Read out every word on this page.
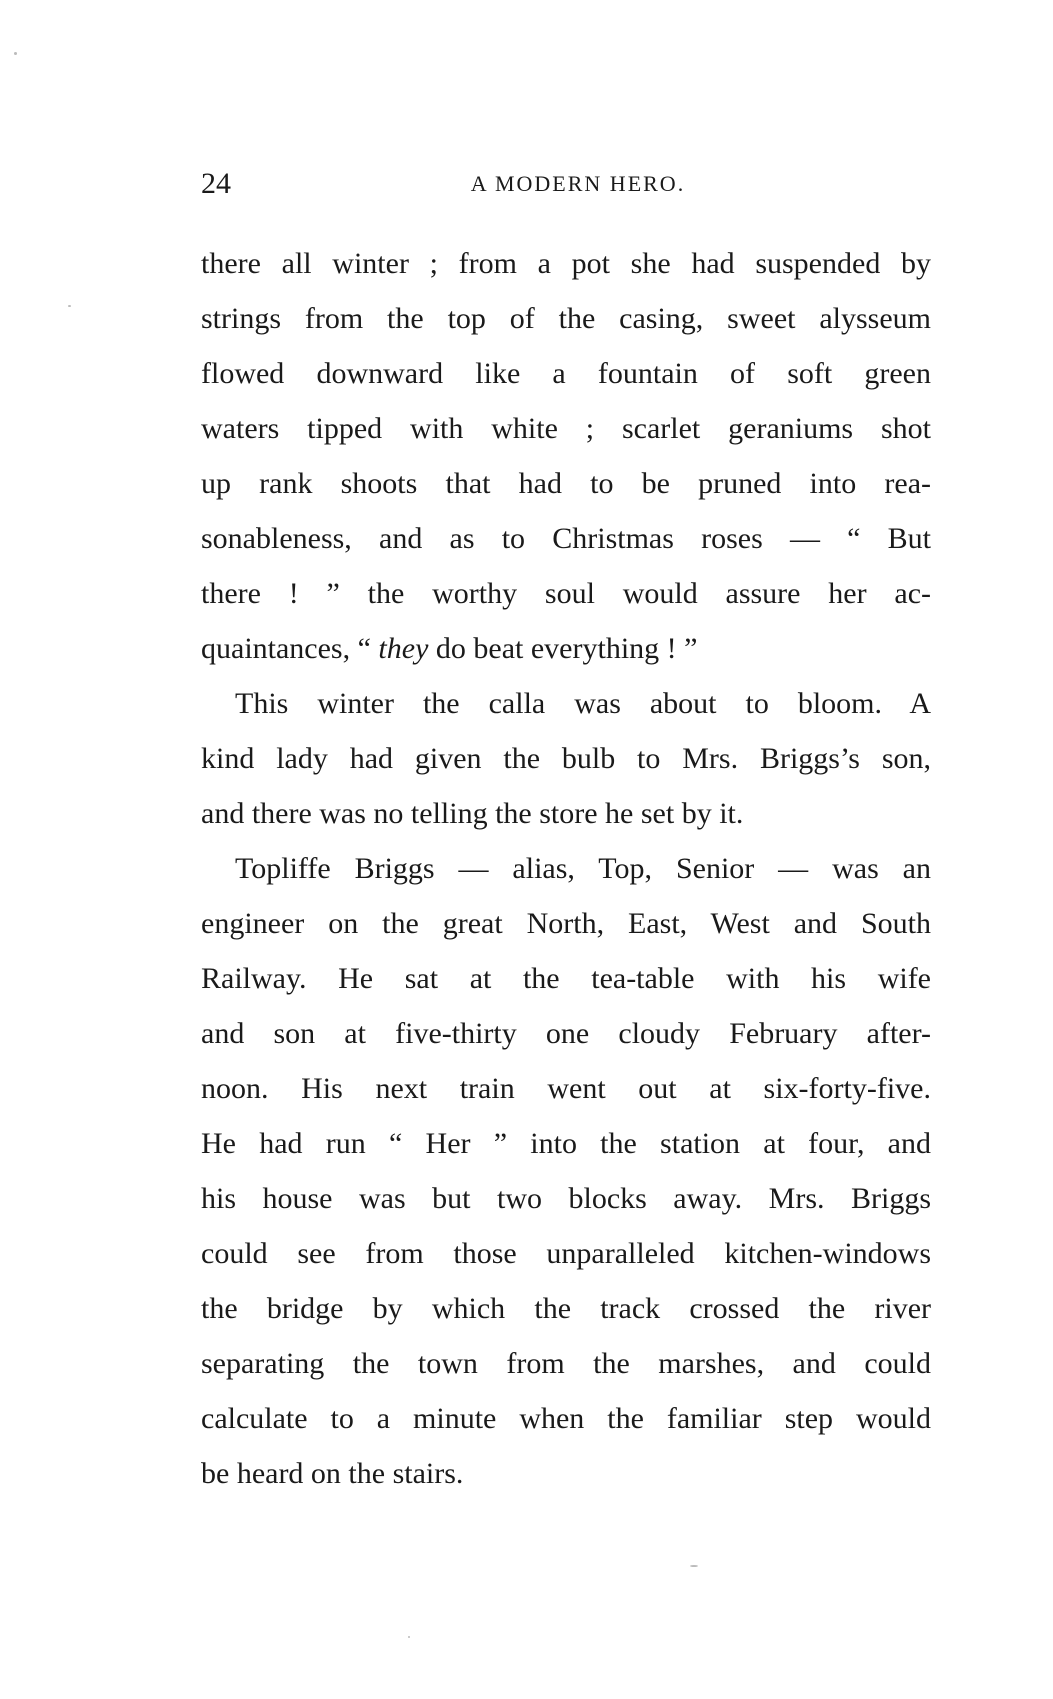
24	A MODERN HERO.
there all winter ; from a pot she had suspended by
strings from the top of the casing, sweet alysseum
flowed downward like a fountain of soft green
waters tipped with white ; scarlet geraniums shot
up rank shoots that had to be pruned into rea-
sonableness, and as to Christmas roses — “ But
there ! ” the worthy soul would assure her ac-
quaintances, “ they do beat everything ! ”
This winter the calla was about to bloom. A
kind lady had given the bulb to Mrs. Briggs’s son,
and there was no telling the store he set by it.
Topliffe Briggs — alias, Top, Senior — was an
engineer on the great North, East, West and South
Railway. He sat at the tea-table with his wife
and son at five-thirty one cloudy February after-
noon. His next train went out at six-forty-five.
He had run “ Her ” into the station at four, and
his house was but two blocks away. Mrs. Briggs
could see from those unparalleled kitchen-windows
the bridge by which the track crossed the river
separating the town from the marshes, and could
calculate to a minute when the familiar step would
be heard on the stairs.
